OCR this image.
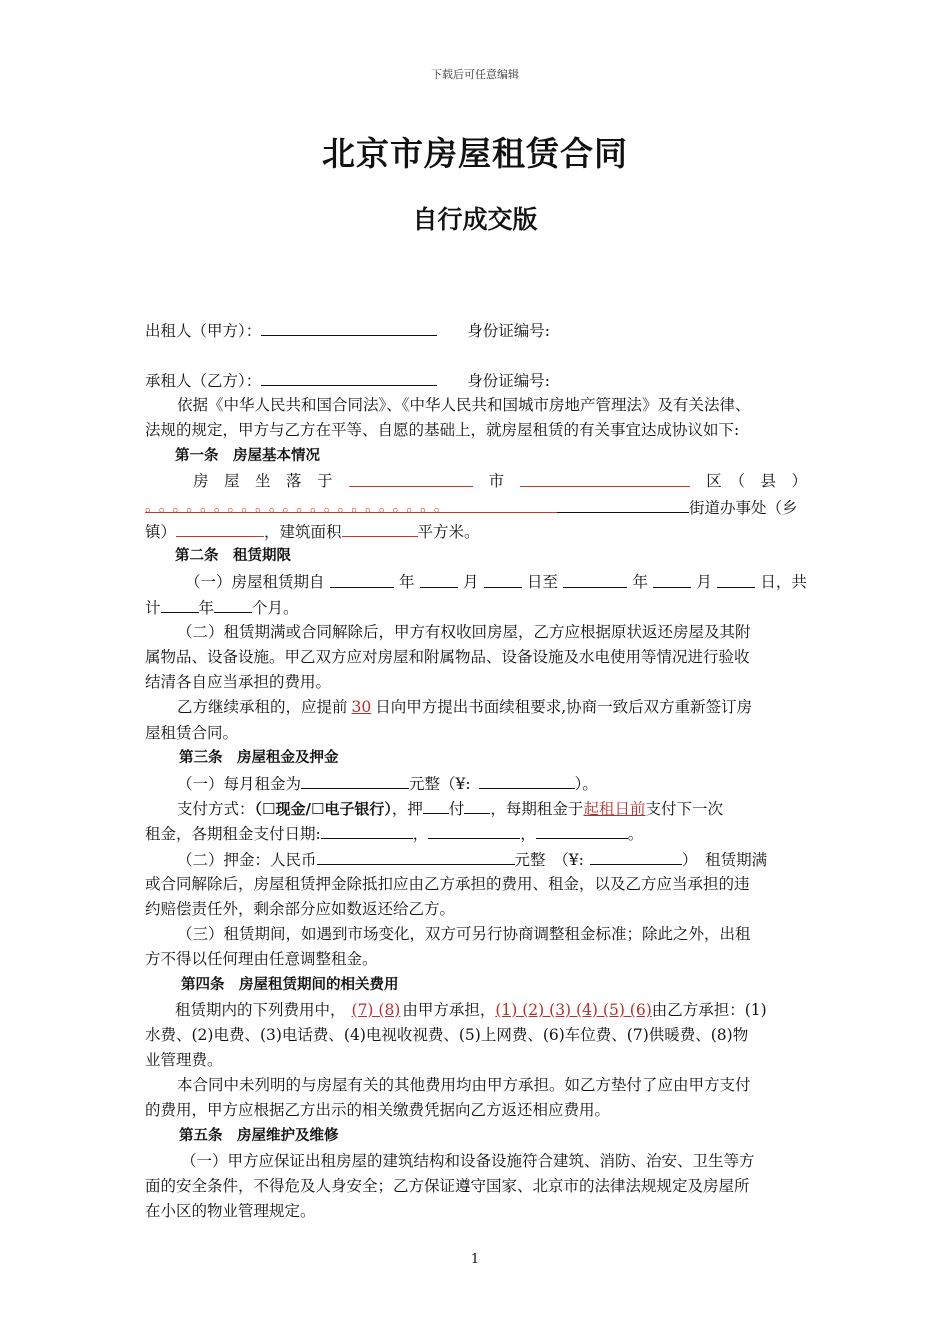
下载后可任意编辑
北京市房屋租赁合同
自行成交版
出租人（甲方）：	身份证编号:
承租人（乙方）：	身份证编号:
依据《中华人民共和国合同法》、《中华人民共和国城市房地产管理法》及有关法律、
法规的规定，甲方与乙方在平等、自愿的基础上，就房屋租赁的有关事宜达成协议如下:
第一条　房屋基本情况
房　屋　坐　落　于	市	区　（　县　）
。。。。。。。。。。。。。。。。。。。。。。	街道办事处（乡
镇）	，建筑面积	平方米。
第二条　租赁期限
（一）房屋租赁期自	年	月	日至	年	月	日，共
计 年 个月。
（二）租赁期满或合同解除后，甲方有权收回房屋，乙方应根据原状返还房屋及其附
属物品、设备设施。甲乙双方应对房屋和附属物品、设备设施及水电使用等情况进行验收
结清各自应当承担的费用。
乙方继续承租的，应提前 30 日向甲方提出书面续租要求,协商一致后双方重新签订房
屋租赁合同。
第三条　房屋租金及押金
（一）每月租金为	元整（¥:	）。
支付方式：（☐现金/☐电子银行），押 付 ，每期租金于起租日前支付下一次
租金，各期租金支付日期:	，	，	。
（二）押金：人民币	元整　（¥:	）　租赁期满
或合同解除后，房屋租赁押金除抵扣应由乙方承担的费用、租金，以及乙方应当承担的违
约赔偿责任外，剩余部分应如数返还给乙方。
（三）租赁期间，如遇到市场变化，双方可另行协商调整租金标准；除此之外，出租
方不得以任何理由任意调整租金。
第四条　房屋租赁期间的相关费用
租赁期内的下列费用中， (7) (8) 由甲方承担，(1) (2) (3) (4) (5) (6)由乙方承担：(1)
水费、(2)电费、(3)电话费、(4)电视收视费、(5)上网费、(6)车位费、(7)供暖费、(8)物
业管理费。
本合同中未列明的与房屋有关的其他费用均由甲方承担。如乙方垫付了应由甲方支付
的费用，甲方应根据乙方出示的相关缴费凭据向乙方返还相应费用。
第五条　房屋维护及维修
（一）甲方应保证出租房屋的建筑结构和设备设施符合建筑、消防、治安、卫生等方
面的安全条件，不得危及人身安全；乙方保证遵守国家、北京市的法律法规规定及房屋所
在小区的物业管理规定。
1
